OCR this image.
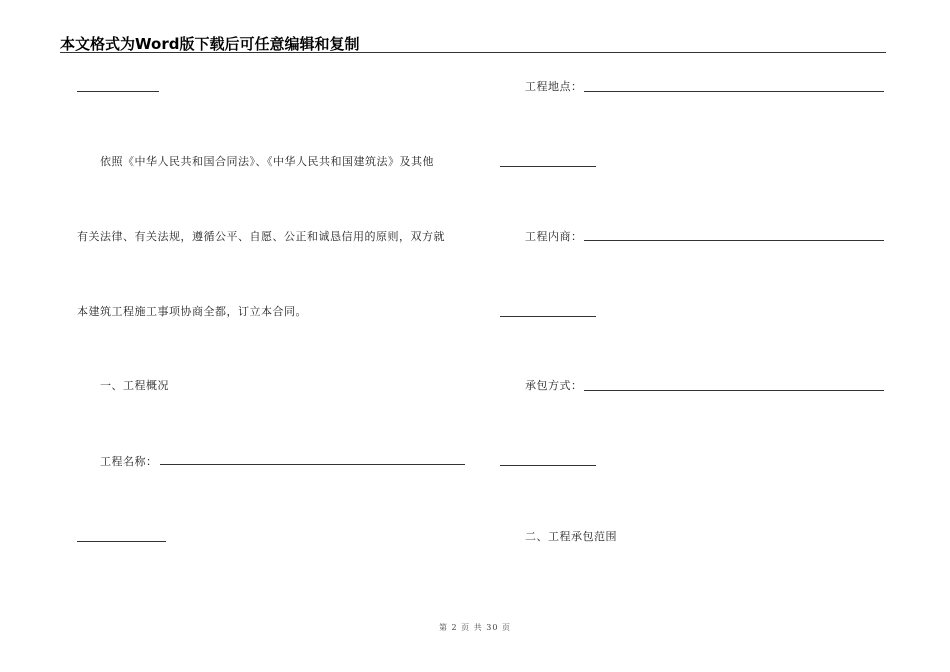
本文格式为Word版下载后可任意编辑和复制
依照《中华人民共和国合同法》、《中华人民共和国建筑法》及其他
有关法律、有关法规，遵循公平、自愿、公正和诚恳信用的原则，双方就
本建筑工程施工事项协商全都，订立本合同。
一、工程概况
工程名称：
工程地点：
工程内商：
承包方式：
二、工程承包范围
第 2 页 共 30 页
